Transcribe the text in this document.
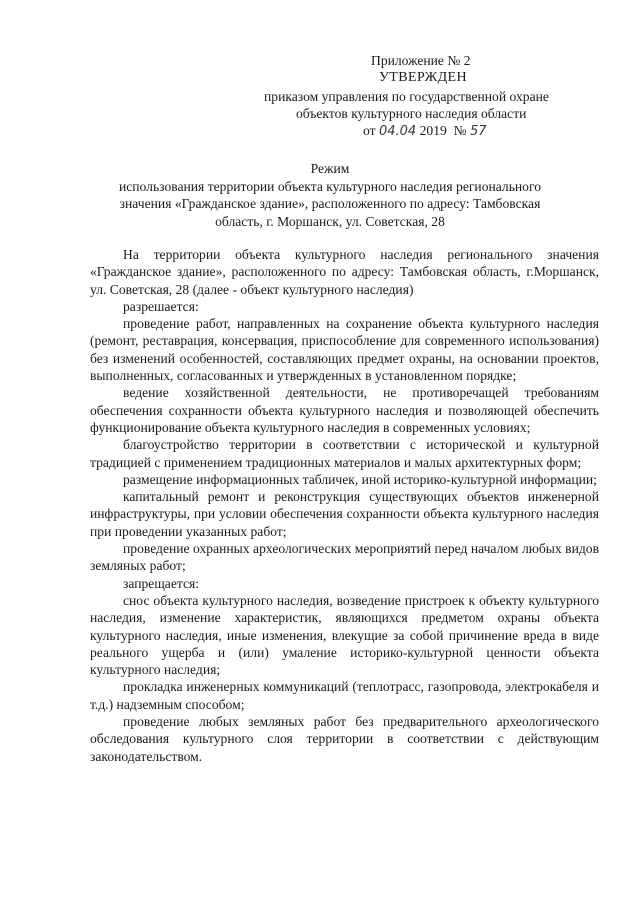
Приложение № 2
УТВЕРЖДЕН
приказом управления по государственной охране
объектов культурного наследия области
от 04.04 2019 № 57
Режим
использования территории объекта культурного наследия регионального
значения «Гражданское здание», расположенного по адресу: Тамбовская
область, г. Моршанск, ул. Советская, 28

На территории объекта культурного наследия регионального значения «Гражданское здание», расположенного по адресу: Тамбовская область, г.Моршанск, ул. Советская, 28 (далее - объект культурного наследия)

разрешается:

проведение работ, направленных на сохранение объекта культурного наследия (ремонт, реставрация, консервация, приспособление для современного использования) без изменений особенностей, составляющих предмет охраны, на основании проектов, выполненных, согласованных и утвержденных в установленном порядке;

ведение хозяйственной деятельности, не противоречащей требованиям обеспечения сохранности объекта культурного наследия и позволяющей обеспечить функционирование объекта культурного наследия в современных условиях;

благоустройство территории в соответствии с исторической и культурной традицией с применением традиционных материалов и малых архитектурных форм;

размещение информационных табличек, иной историко-культурной информации;

капитальный ремонт и реконструкция существующих объектов инженерной инфраструктуры, при условии обеспечения сохранности объекта культурного наследия при проведении указанных работ;

проведение охранных археологических мероприятий перед началом любых видов земляных работ;

запрещается:

снос объекта культурного наследия, возведение пристроек к объекту культурного наследия, изменение характеристик, являющихся предметом охраны объекта культурного наследия, иные изменения, влекущие за собой причинение вреда в виде реального ущерба и (или) умаление историко-культурной ценности объекта культурного наследия;

прокладка инженерных коммуникаций (теплотрасс, газопровода, электрокабеля и т.д.) надземным способом;

проведение любых земляных работ без предварительного археологического обследования культурного слоя территории в соответствии с действующим законодательством.
